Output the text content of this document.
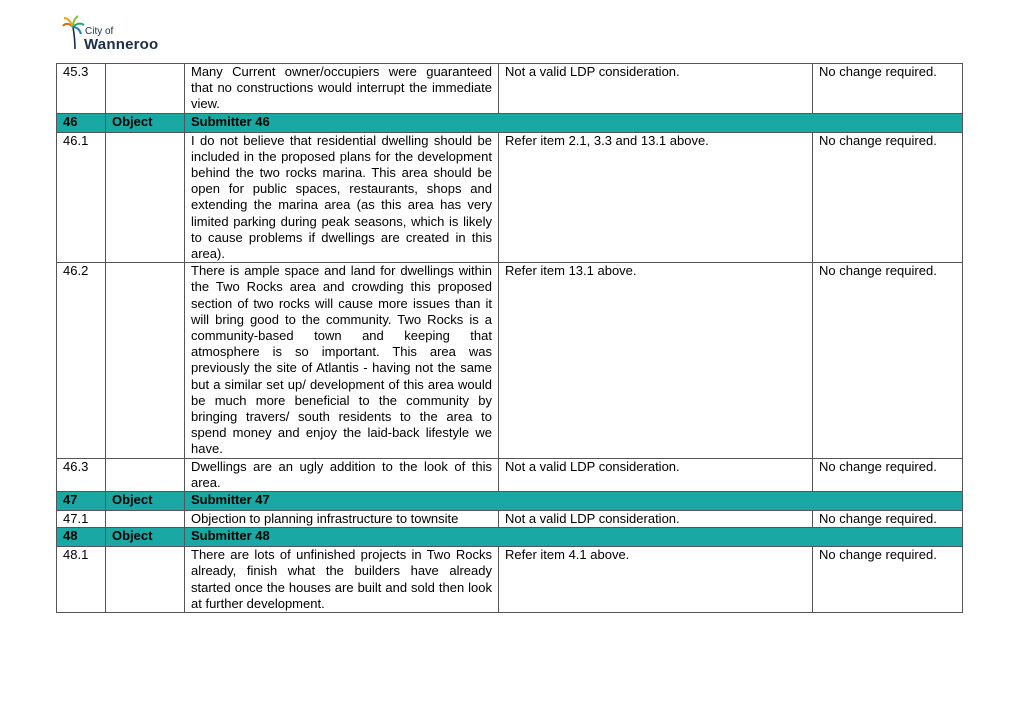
City of
Wanneroo
45.3		Many Current owner/occupiers were guaranteed that no constructions would interrupt the immediate view.	Not a valid LDP consideration.	No change required.
46	Object	Submitter 46		
46.1		I do not believe that residential dwelling should be included in the proposed plans for the development behind the two rocks marina. This area should be open for public spaces, restaurants, shops and extending the marina area (as this area has very limited parking during peak seasons, which is likely to cause problems if dwellings are created in this area).	Refer item 2.1, 3.3 and 13.1 above.	No change required.
46.2		There is ample space and land for dwellings within the Two Rocks area and crowding this proposed section of two rocks will cause more issues than it will bring good to the community. Two Rocks is a community-based town and keeping that atmosphere is so important. This area was previously the site of Atlantis - having not the same but a similar set up/ development of this area would be much more beneficial to the community by bringing travers/ south residents to the area to spend money and enjoy the laid-back lifestyle we have.	Refer item 13.1 above.	No change required.
46.3		Dwellings are an ugly addition to the look of this area.	Not a valid LDP consideration.	No change required.
47	Object	Submitter 47		
47.1		Objection to planning infrastructure to townsite	Not a valid LDP consideration.	No change required.
48	Object	Submitter 48		
48.1		There are lots of unfinished projects in Two Rocks already, finish what the builders have already started once the houses are built and sold then look at further development.	Refer item 4.1 above.	No change required.
